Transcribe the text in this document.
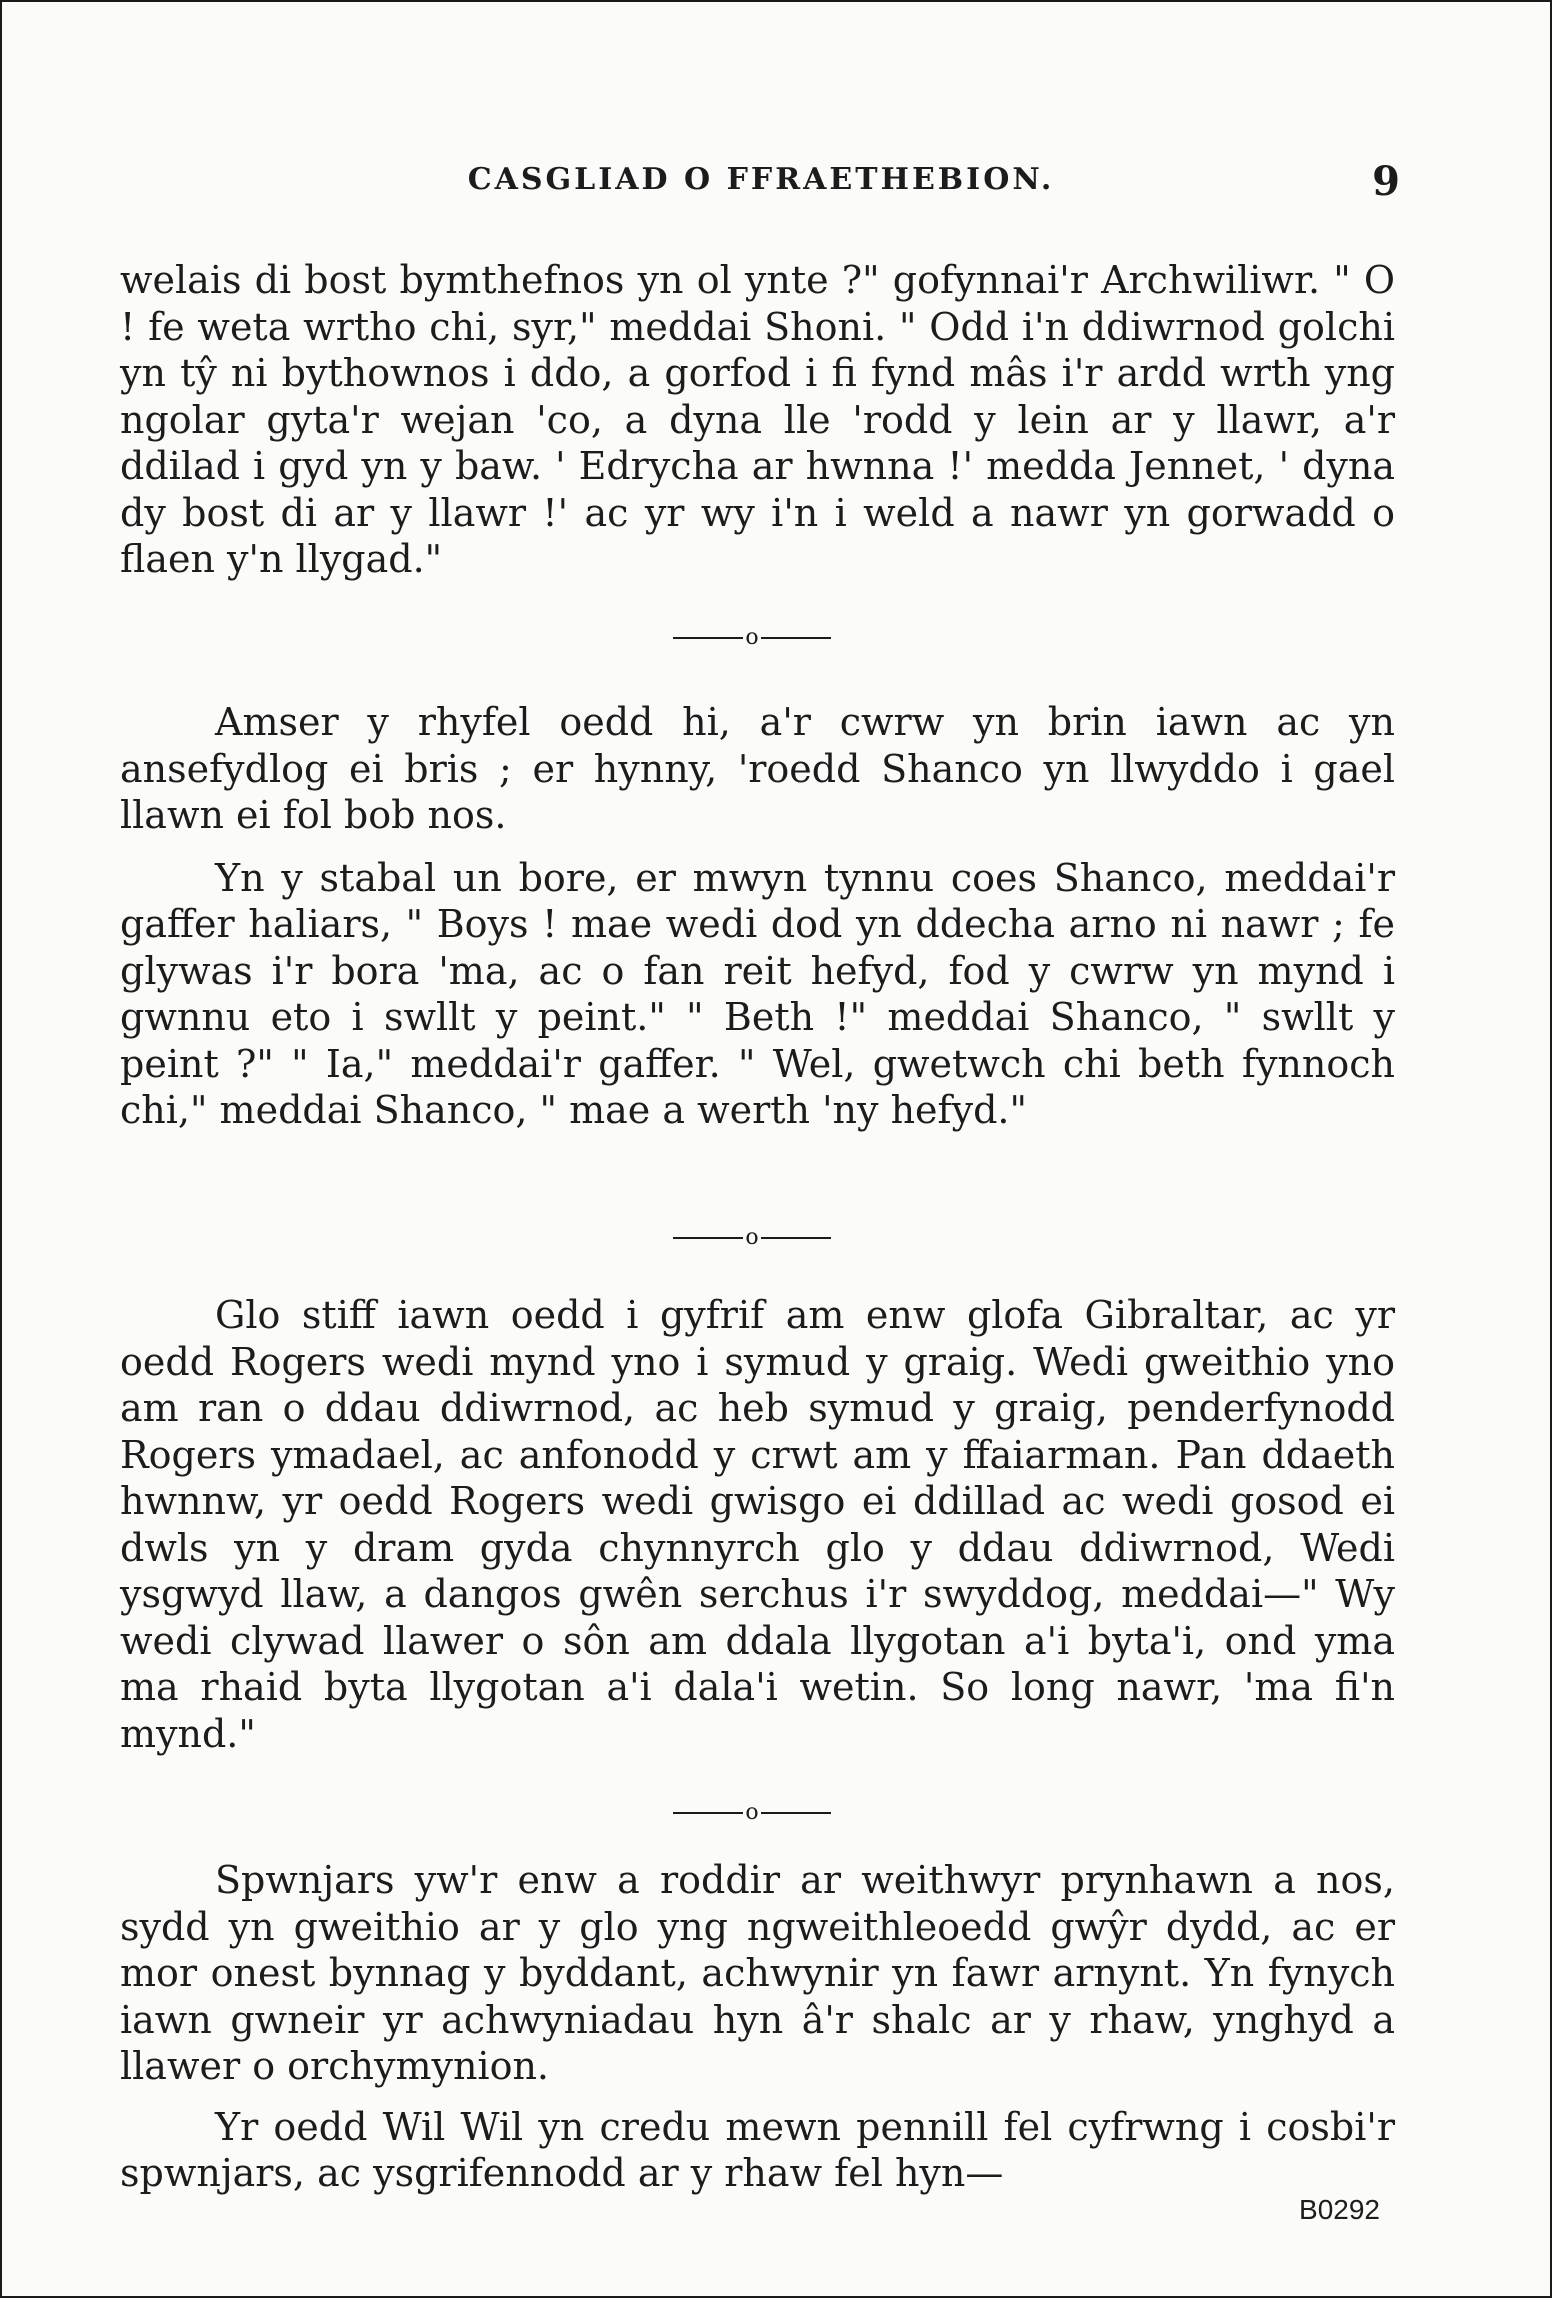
CASGLIAD O FFRAETHEBION.	9

welais di bost bymthefnos yn ol ynte ?" gofynnai'r Archwiliwr. " O ! fe weta wrtho chi, syr," meddai Shoni. " Odd i'n ddiwrnod golchi yn tŷ ni bythownos i ddo, a gorfod i fi fynd mâs i'r ardd wrth yng ngolar gyta'r wejan 'co, a dyna lle 'rodd y lein ar y llawr, a'r ddilad i gyd yn y baw. ' Edrycha ar hwnna !' medda Jennet, ' dyna dy bost di ar y llawr !' ac yr wy i'n i weld a nawr yn gorwadd o flaen y'n llygad."

o

Amser y rhyfel oedd hi, a'r cwrw yn brin iawn ac yn ansefydlog ei bris ; er hynny, 'roedd Shanco yn llwyddo i gael llawn ei fol bob nos.

Yn y stabal un bore, er mwyn tynnu coes Shanco, meddai'r gaffer haliars, " Boys ! mae wedi dod yn ddecha arno ni nawr ; fe glywas i'r bora 'ma, ac o fan reit hefyd, fod y cwrw yn mynd i gwnnu eto i swllt y peint." " Beth !" meddai Shanco, " swllt y peint ?" " Ia," meddai'r gaffer. " Wel, gwetwch chi beth fynnoch chi," meddai Shanco, " mae a werth 'ny hefyd."

o

Glo stiff iawn oedd i gyfrif am enw glofa Gibraltar, ac yr oedd Rogers wedi mynd yno i symud y graig. Wedi gweithio yno am ran o ddau ddiwrnod, ac heb symud y graig, penderfynodd Rogers ymadael, ac anfonodd y crwt am y ffaiarman. Pan ddaeth hwnnw, yr oedd Rogers wedi gwisgo ei ddillad ac wedi gosod ei dwls yn y dram gyda chynnyrch glo y ddau ddiwrnod, Wedi ysgwyd llaw, a dangos gwên serchus i'r swyddog, meddai—" Wy wedi clywad llawer o sôn am ddala llygotan a'i byta'i, ond yma ma rhaid byta llygotan a'i dala'i wetin. So long nawr, 'ma fi'n mynd."

o

Spwnjars yw'r enw a roddir ar weithwyr prynhawn a nos, sydd yn gweithio ar y glo yng ngweithleoedd gwŷr dydd, ac er mor onest bynnag y byddant, achwynir yn fawr arnynt. Yn fynych iawn gwneir yr achwyniadau hyn â'r shalc ar y rhaw, ynghyd a llawer o orchymynion.

Yr oedd Wil Wil yn credu mewn pennill fel cyfrwng i cosbi'r spwnjars, ac ysgrifennodd ar y rhaw fel hyn—

B0292
